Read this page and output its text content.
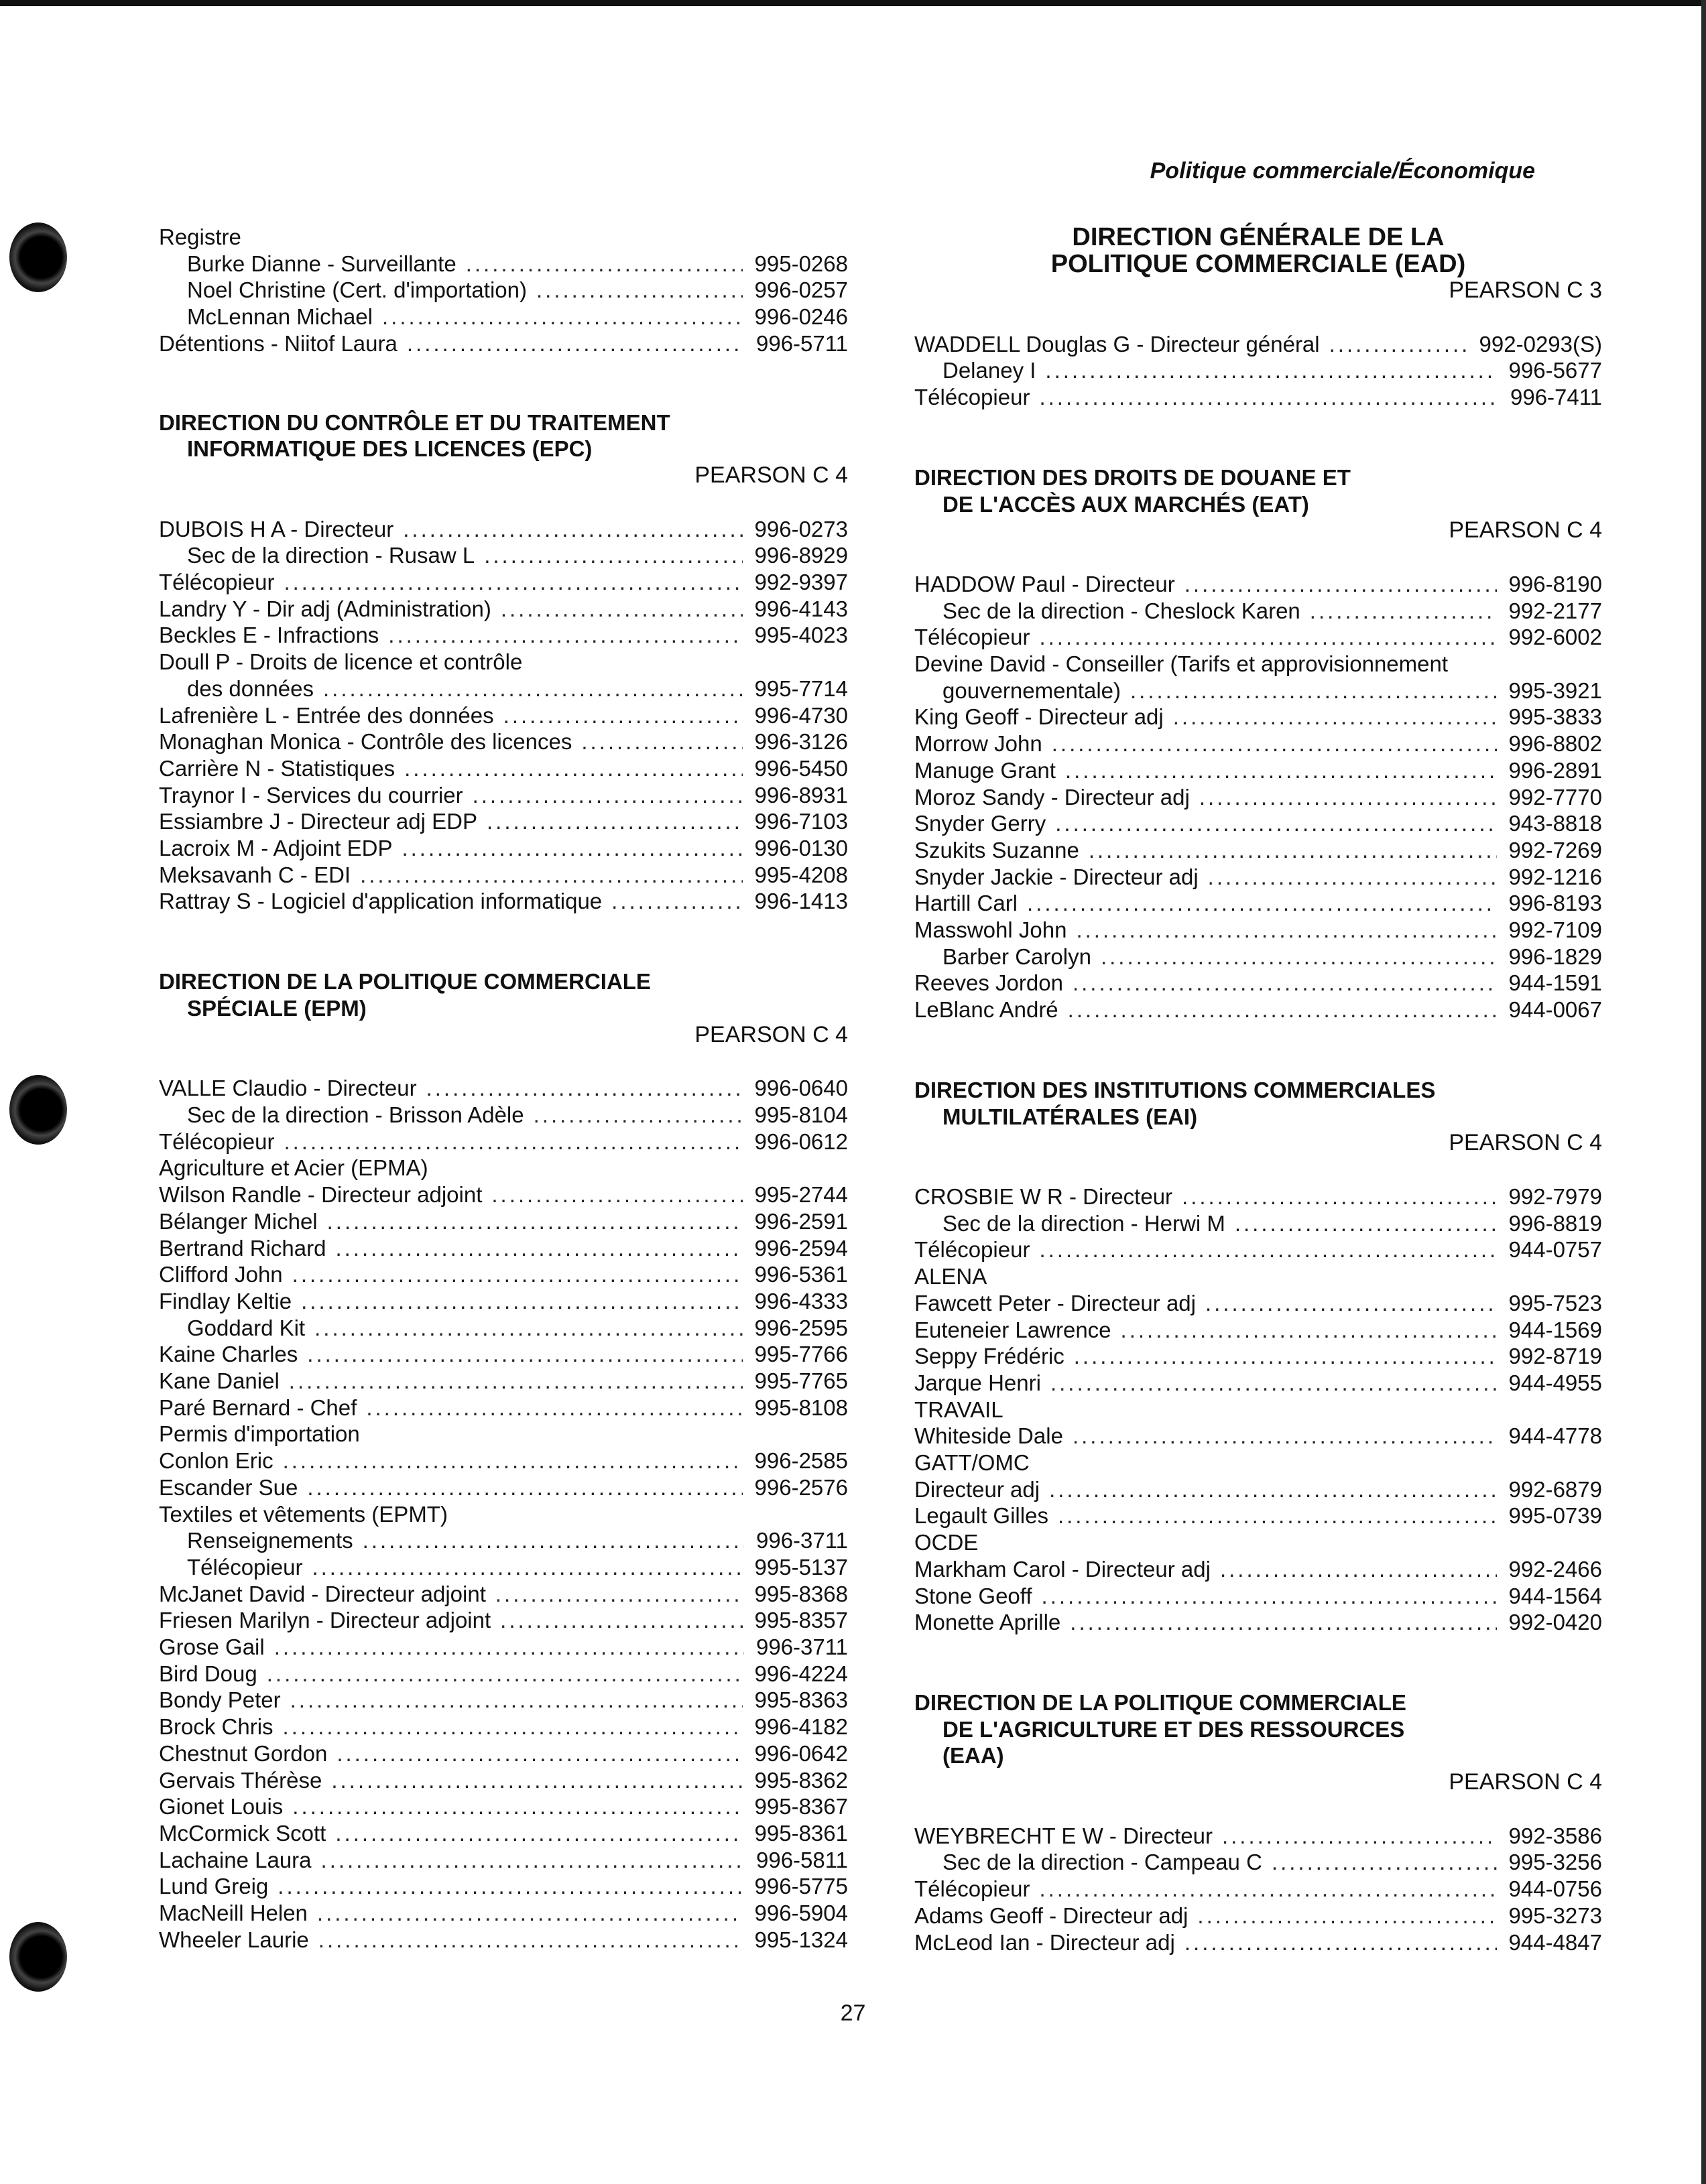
Politique commerciale/Économique
Registre
Burke Dianne - Surveillante .....	995-0268
Noel Christine (Cert. d'importation) .....	996-0257
McLennan Michael .....	996-0246
Détentions - Niitof Laura .....	996-5711
DIRECTION DU CONTRÔLE ET DU TRAITEMENT
INFORMATIQUE DES LICENCES (EPC)
PEARSON C 4
DUBOIS H A - Directeur .....	996-0273
Sec de la direction - Rusaw L .....	996-8929
Télécopieur .....	992-9397
Landry Y - Dir adj (Administration) .....	996-4143
Beckles E - Infractions .....	995-4023
Doull P - Droits de licence et contrôle
des données .....	995-7714
Lafrenière L - Entrée des données .....	996-4730
Monaghan Monica - Contrôle des licences .....	996-3126
Carrière N - Statistiques .....	996-5450
Traynor I - Services du courrier .....	996-8931
Essiambre J - Directeur adj EDP .....	996-7103
Lacroix M - Adjoint EDP .....	996-0130
Meksavanh C - EDI .....	995-4208
Rattray S - Logiciel d'application informatique .....	996-1413
DIRECTION DE LA POLITIQUE COMMERCIALE
SPÉCIALE (EPM)
PEARSON C 4
VALLE Claudio - Directeur .....	996-0640
Sec de la direction - Brisson Adèle .....	995-8104
Télécopieur .....	996-0612
Agriculture et Acier (EPMA)
Wilson Randle - Directeur adjoint .....	995-2744
Bélanger Michel .....	996-2591
Bertrand Richard .....	996-2594
Clifford John .....	996-5361
Findlay Keltie .....	996-4333
Goddard Kit .....	996-2595
Kaine Charles .....	995-7766
Kane Daniel .....	995-7765
Paré Bernard - Chef .....	995-8108
Permis d'importation
Conlon Eric .....	996-2585
Escander Sue .....	996-2576
Textiles et vêtements (EPMT)
Renseignements .....	996-3711
Télécopieur .....	995-5137
McJanet David - Directeur adjoint .....	995-8368
Friesen Marilyn - Directeur adjoint .....	995-8357
Grose Gail .....	996-3711
Bird Doug .....	996-4224
Bondy Peter .....	995-8363
Brock Chris .....	996-4182
Chestnut Gordon .....	996-0642
Gervais Thérèse .....	995-8362
Gionet Louis .....	995-8367
McCormick Scott .....	995-8361
Lachaine Laura .....	996-5811
Lund Greig .....	996-5775
MacNeill Helen .....	996-5904
Wheeler Laurie .....	995-1324
DIRECTION GÉNÉRALE DE LA
POLITIQUE COMMERCIALE (EAD)
PEARSON C 3
WADDELL Douglas G - Directeur général .....	992-0293(S)
Delaney I .....	996-5677
Télécopieur .....	996-7411
DIRECTION DES DROITS DE DOUANE ET
DE L'ACCÈS AUX MARCHÉS (EAT)
PEARSON C 4
HADDOW Paul - Directeur .....	996-8190
Sec de la direction - Cheslock Karen .....	992-2177
Télécopieur .....	992-6002
Devine David - Conseiller (Tarifs et approvisionnement
gouvernementale) .....	995-3921
King Geoff - Directeur adj .....	995-3833
Morrow John .....	996-8802
Manuge Grant .....	996-2891
Moroz Sandy - Directeur adj .....	992-7770
Snyder Gerry .....	943-8818
Szukits Suzanne .....	992-7269
Snyder Jackie - Directeur adj .....	992-1216
Hartill Carl .....	996-8193
Masswohl John .....	992-7109
Barber Carolyn .....	996-1829
Reeves Jordon .....	944-1591
LeBlanc André .....	944-0067
DIRECTION DES INSTITUTIONS COMMERCIALES
MULTILATÉRALES (EAI)
PEARSON C 4
CROSBIE W R - Directeur .....	992-7979
Sec de la direction - Herwi M .....	996-8819
Télécopieur .....	944-0757
ALENA
Fawcett Peter - Directeur adj .....	995-7523
Euteneier Lawrence .....	944-1569
Seppy Frédéric .....	992-8719
Jarque Henri .....	944-4955
TRAVAIL
Whiteside Dale .....	944-4778
GATT/OMC
Directeur adj .....	992-6879
Legault Gilles .....	995-0739
OCDE
Markham Carol - Directeur adj .....	992-2466
Stone Geoff .....	944-1564
Monette Aprille .....	992-0420
DIRECTION DE LA POLITIQUE COMMERCIALE
DE L'AGRICULTURE ET DES RESSOURCES
(EAA)
PEARSON C 4
WEYBRECHT E W - Directeur .....	992-3586
Sec de la direction - Campeau C .....	995-3256
Télécopieur .....	944-0756
Adams Geoff - Directeur adj .....	995-3273
McLeod Ian - Directeur adj .....	944-4847
27
